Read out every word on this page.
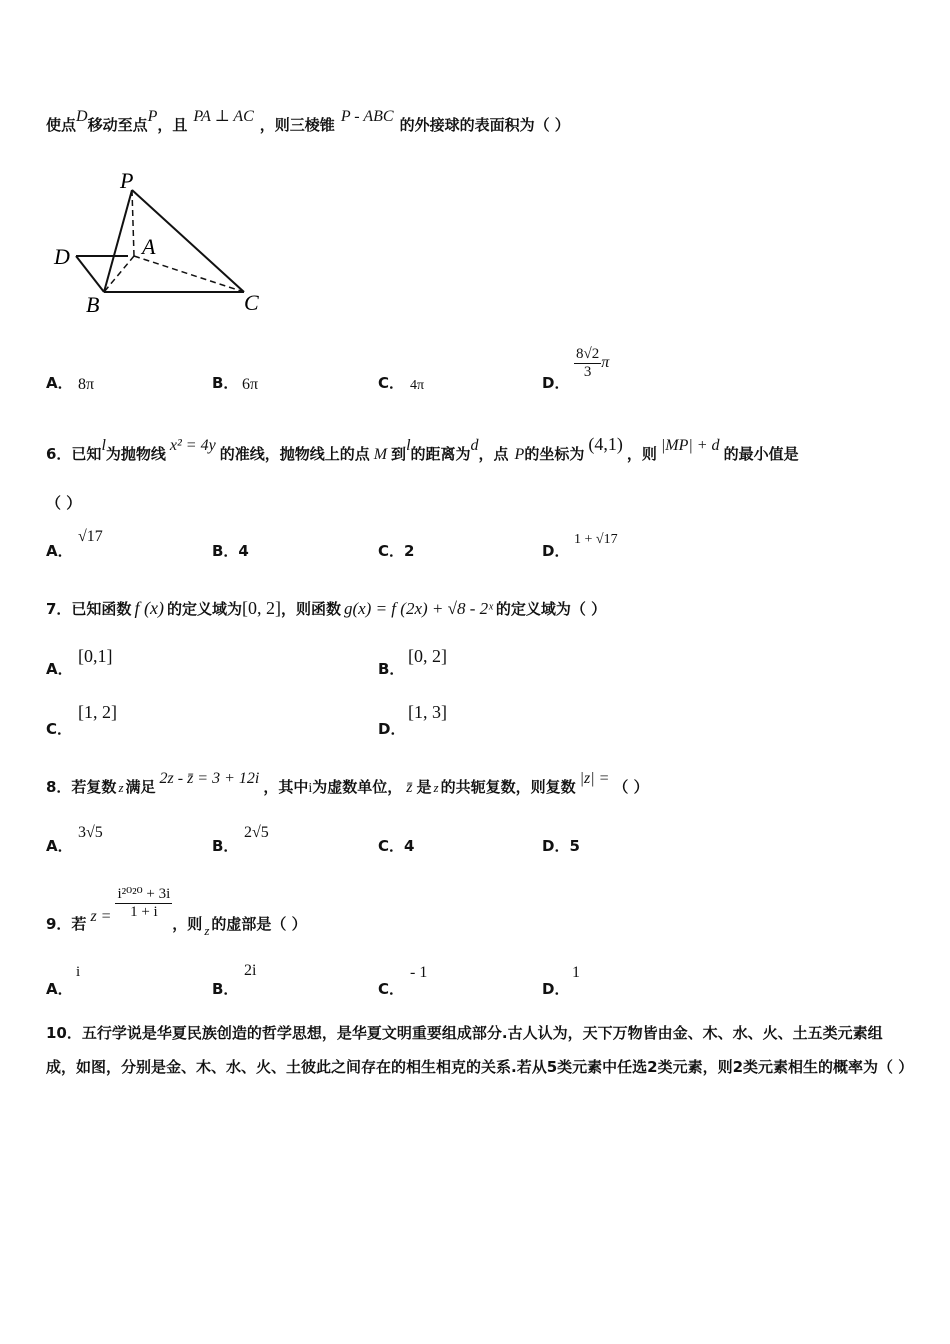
使点D移动至点P，且 PA ⊥ AC ，则三棱锥 P - ABC 的外接球的表面积为（ ）
P
A
D
B	C
A． 8π	B． 6π	C． 4π	D．
$\frac{8√2}{3}$ π
6．已知l为抛物线 x² = 4y 的准线，抛物线上的点 M 到l的距离为d，点 P的坐标为 (4,1) ，则 |MP| + d 的最小值是
（ ）
A．
√17
B．4	C．2	D．
1 + √17
7．已知函数 f (x) 的定义域为[0, 2]，则函数 g(x) = f (2x) + √8 - 2ˣ 的定义域为（ ）
A．
[0,1]
B．
[0, 2]
C．
[1, 2]
D．
[1, 3]
8．若复数 z 满足 2z - z̄ = 3 + 12i ，其中i为虚数单位， z̄ 是 z 的共轭复数，则复数 |z| = （ ）
A．
3√5
B．
2√5
C．4	D．5
9．若 $z = \frac{\text{i²⁰²⁰ + 3i}}{1 + i}$
，则 z 的虚部是（ ）
A．
i
B．
2i
C．
- 1
D．
1
10．五行学说是华夏民族创造的哲学思想，是华夏文明重要组成部分.古人认为，天下万物皆由金、木、水、火、土五类元素组成，如图，分别是金、木、水、火、土彼此之间存在的相生相克的关系.若从5类元素中任选2类元素，则2类元素相生的概率为（ ）
